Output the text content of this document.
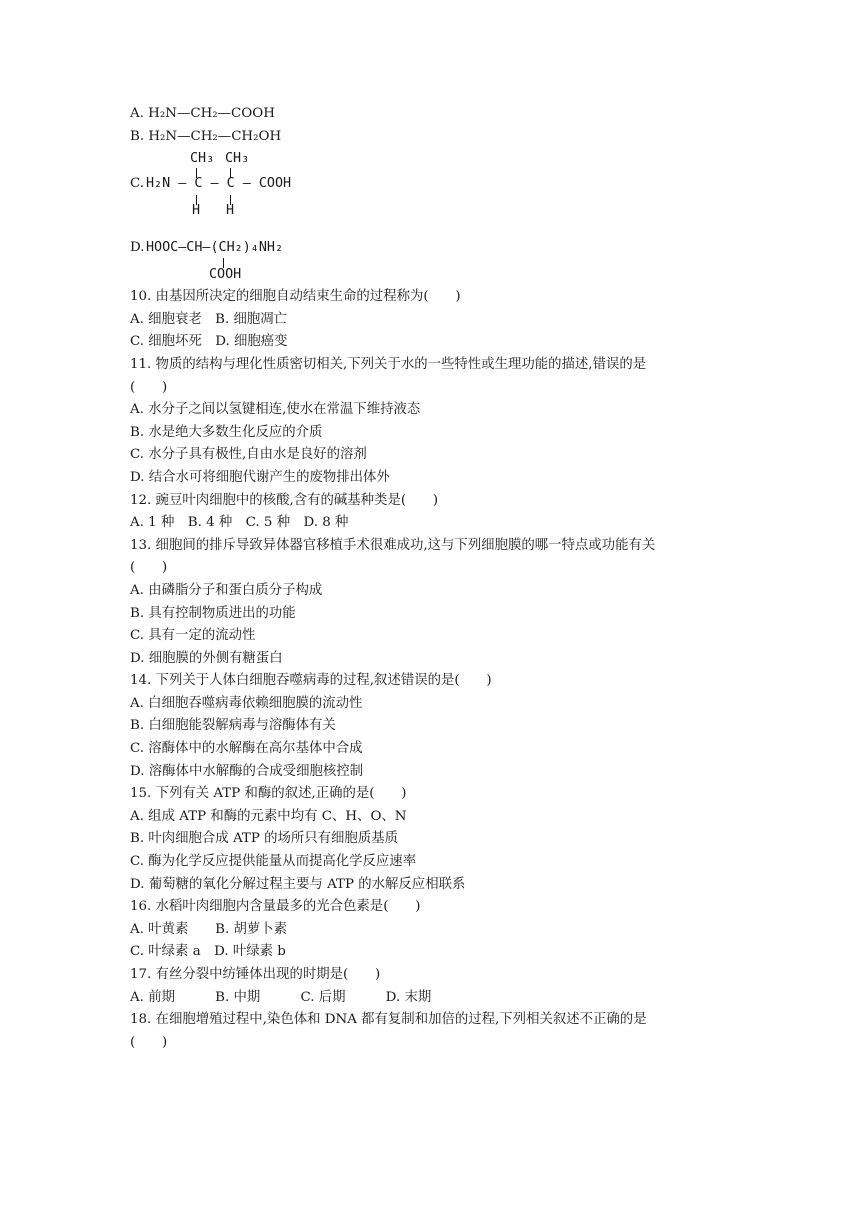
A. H₂N—CH₂—COOH
B. H₂N—CH₂—CH₂OH
C.
CH₃ CH₃
H₂N — C — C — COOH
H H
D. HOOC—CH—(CH₂)₄NH₂
COOH
10. 由基因所决定的细胞自动结束生命的过程称为(　　)
A. 细胞衰老　B. 细胞凋亡
C. 细胞坏死　D. 细胞癌变
11. 物质的结构与理化性质密切相关,下列关于水的一些特性或生理功能的描述,错误的是
(　　)
A. 水分子之间以氢键相连,使水在常温下维持液态
B. 水是绝大多数生化反应的介质
C. 水分子具有极性,自由水是良好的溶剂
D. 结合水可将细胞代谢产生的废物排出体外
12. 豌豆叶肉细胞中的核酸,含有的碱基种类是(　　)
A. 1 种　B. 4 种　C. 5 种　D. 8 种
13. 细胞间的排斥导致异体器官移植手术很难成功,这与下列细胞膜的哪一特点或功能有关
(　　)
A. 由磷脂分子和蛋白质分子构成
B. 具有控制物质进出的功能
C. 具有一定的流动性
D. 细胞膜的外侧有糖蛋白
14. 下列关于人体白细胞吞噬病毒的过程,叙述错误的是(　　)
A. 白细胞吞噬病毒依赖细胞膜的流动性
B. 白细胞能裂解病毒与溶酶体有关
C. 溶酶体中的水解酶在高尔基体中合成
D. 溶酶体中水解酶的合成受细胞核控制
15. 下列有关 ATP 和酶的叙述,正确的是(　　)
A. 组成 ATP 和酶的元素中均有 C、H、O、N
B. 叶肉细胞合成 ATP 的场所只有细胞质基质
C. 酶为化学反应提供能量从而提高化学反应速率
D. 葡萄糖的氧化分解过程主要与 ATP 的水解反应相联系
16. 水稻叶肉细胞内含量最多的光合色素是(　　)
A. 叶黄素　　B. 胡萝卜素
C. 叶绿素 a　D. 叶绿素 b
17. 有丝分裂中纺锤体出现的时期是(　　)
A. 前期　　　B. 中期　　　C. 后期　　　D. 末期
18. 在细胞增殖过程中,染色体和 DNA 都有复制和加倍的过程,下列相关叙述不正确的是
(　　)
